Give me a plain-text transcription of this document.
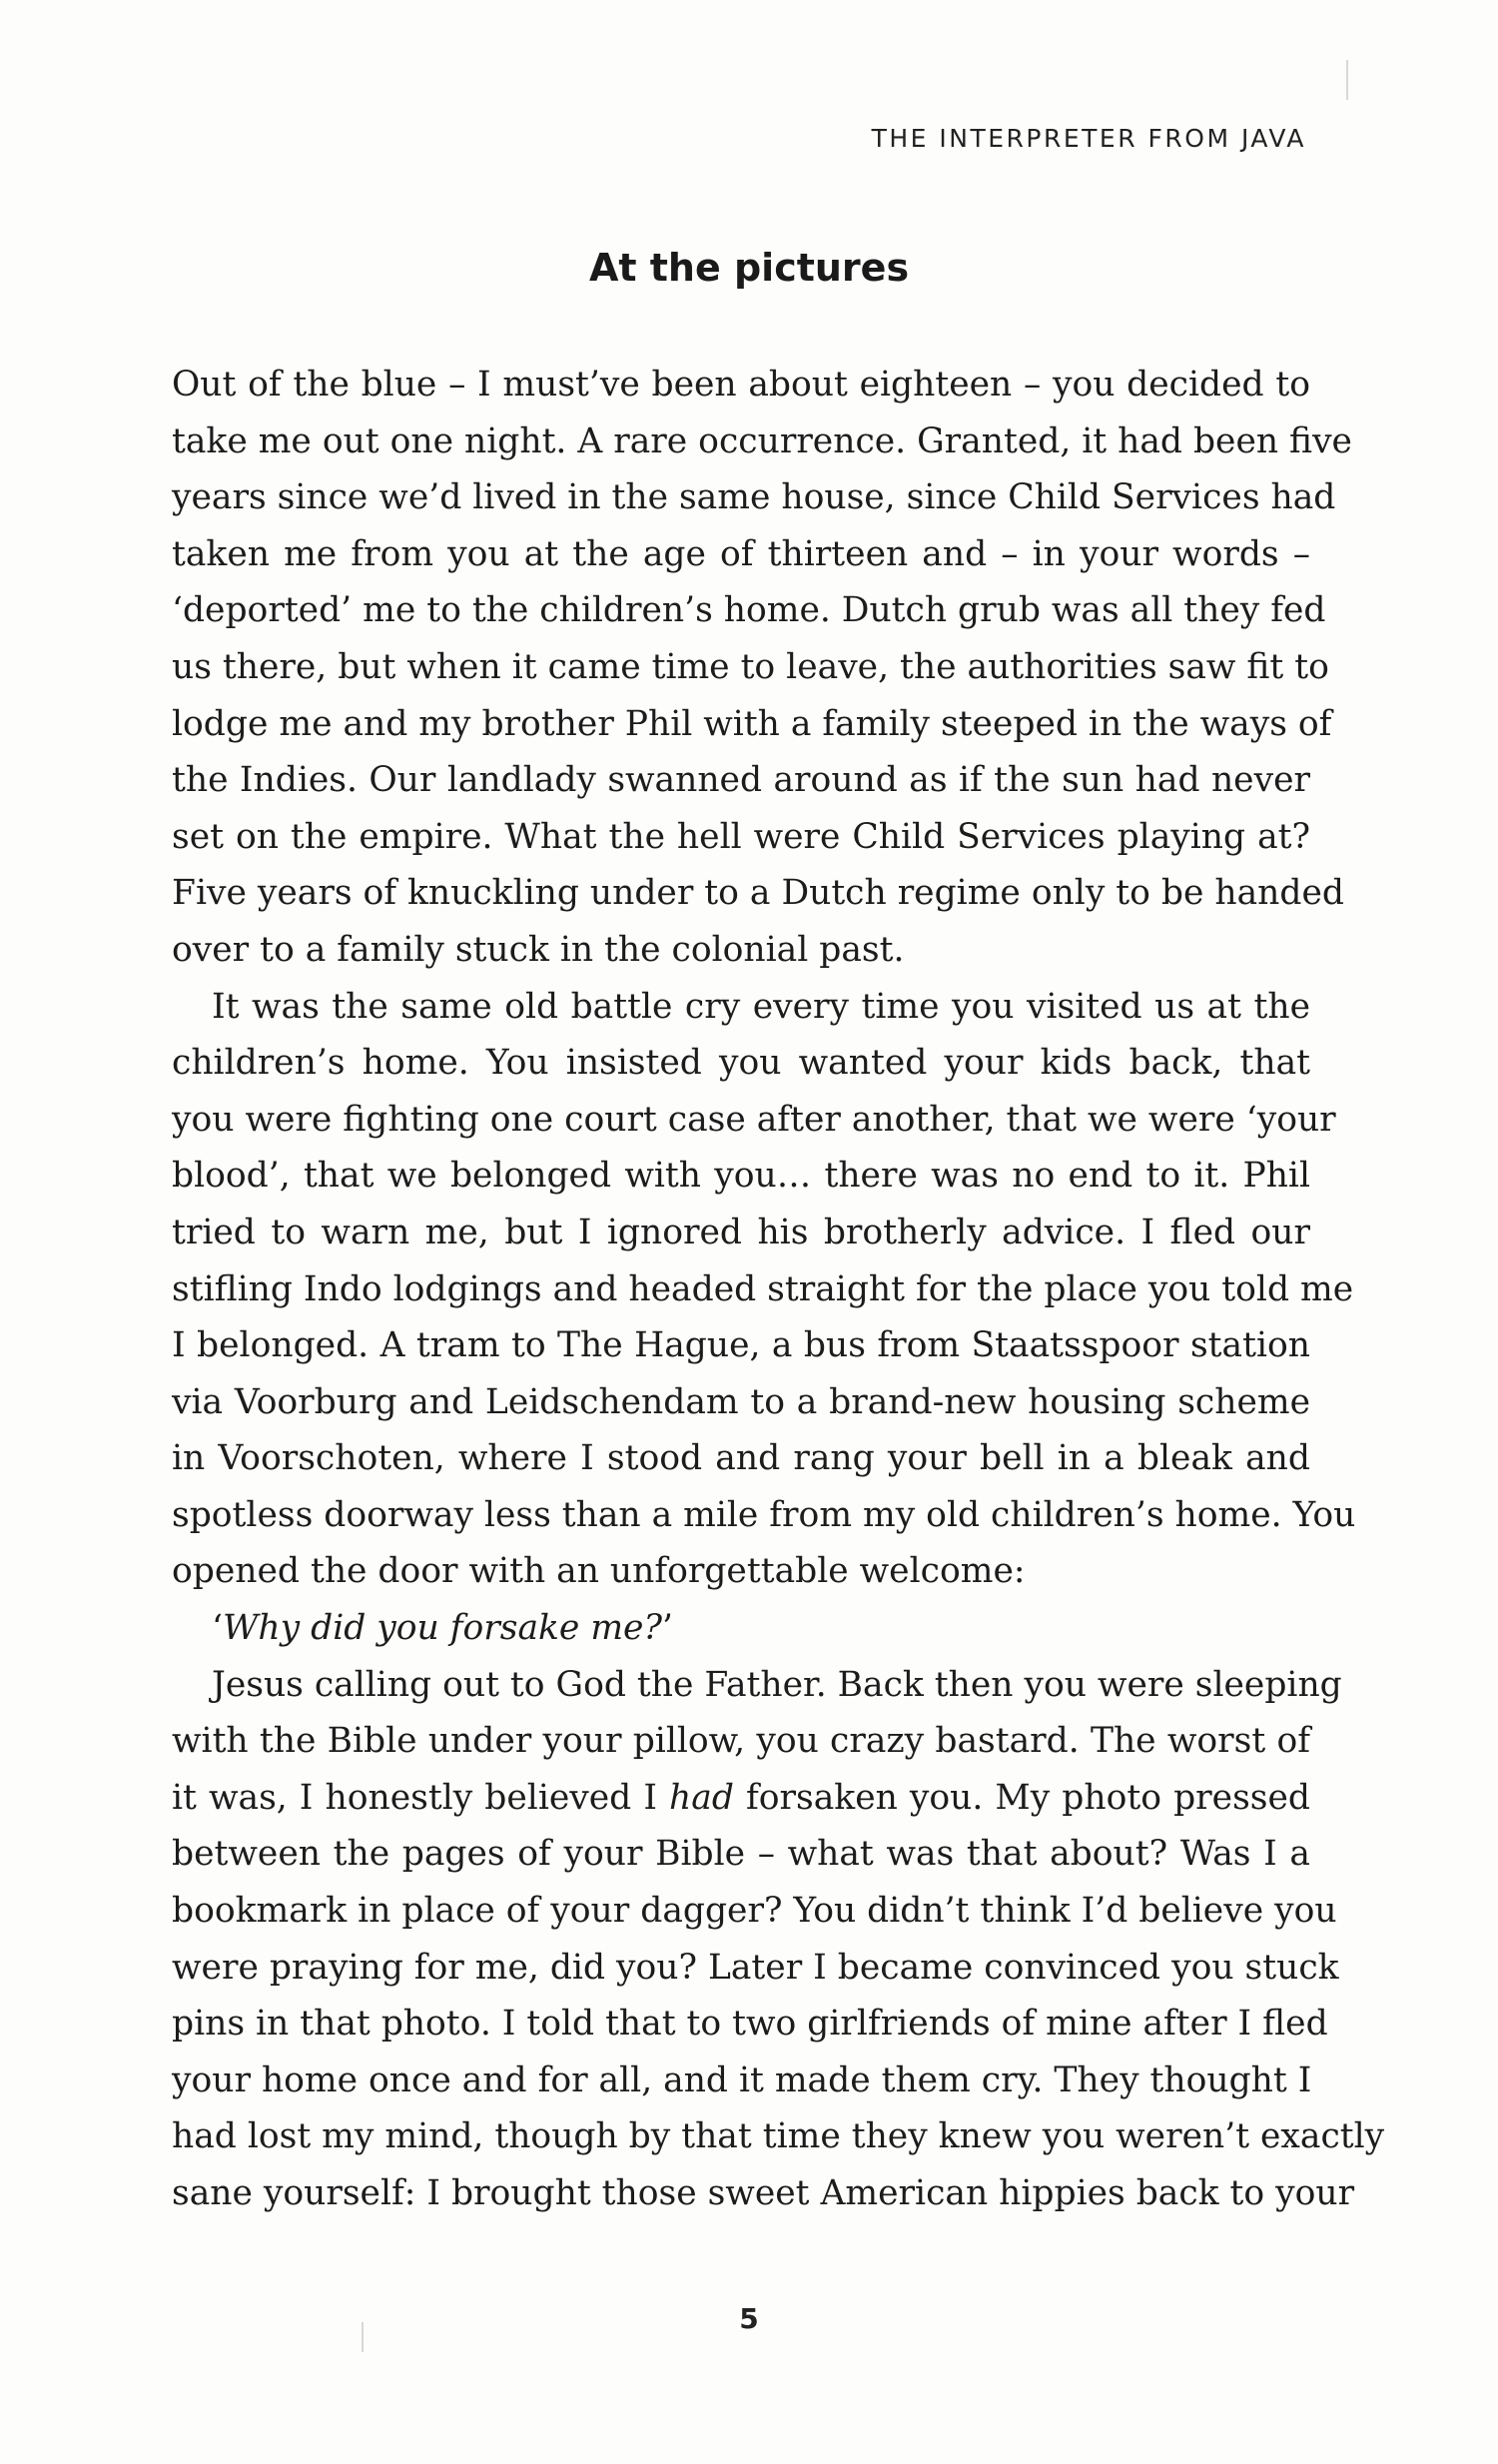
THE INTERPRETER FROM JAVA
At the pictures
Out of the blue – I must’ve been about eighteen – you decided to
take me out one night. A rare occurrence. Granted, it had been five
years since we’d lived in the same house, since Child Services had
taken me from you at the age of thirteen and – in your words –
‘deported’ me to the children’s home. Dutch grub was all they fed
us there, but when it came time to leave, the authorities saw fit to
lodge me and my brother Phil with a family steeped in the ways of
the Indies. Our landlady swanned around as if the sun had never
set on the empire. What the hell were Child Services playing at?
Five years of knuckling under to a Dutch regime only to be handed
over to a family stuck in the colonial past.
It was the same old battle cry every time you visited us at the
children’s home. You insisted you wanted your kids back, that
you were fighting one court case after another, that we were ‘your
blood’, that we belonged with you… there was no end to it. Phil
tried to warn me, but I ignored his brotherly advice. I fled our
stifling Indo lodgings and headed straight for the place you told me
I belonged. A tram to The Hague, a bus from Staatsspoor station
via Voorburg and Leidschendam to a brand-new housing scheme
in Voorschoten, where I stood and rang your bell in a bleak and
spotless doorway less than a mile from my old children’s home. You
opened the door with an unforgettable welcome:
‘Why did you forsake me?’
Jesus calling out to God the Father. Back then you were sleeping
with the Bible under your pillow, you crazy bastard. The worst of
it was, I honestly believed I had forsaken you. My photo pressed
between the pages of your Bible – what was that about? Was I a
bookmark in place of your dagger? You didn’t think I’d believe you
were praying for me, did you? Later I became convinced you stuck
pins in that photo. I told that to two girlfriends of mine after I fled
your home once and for all, and it made them cry. They thought I
had lost my mind, though by that time they knew you weren’t exactly
sane yourself: I brought those sweet American hippies back to your
5
